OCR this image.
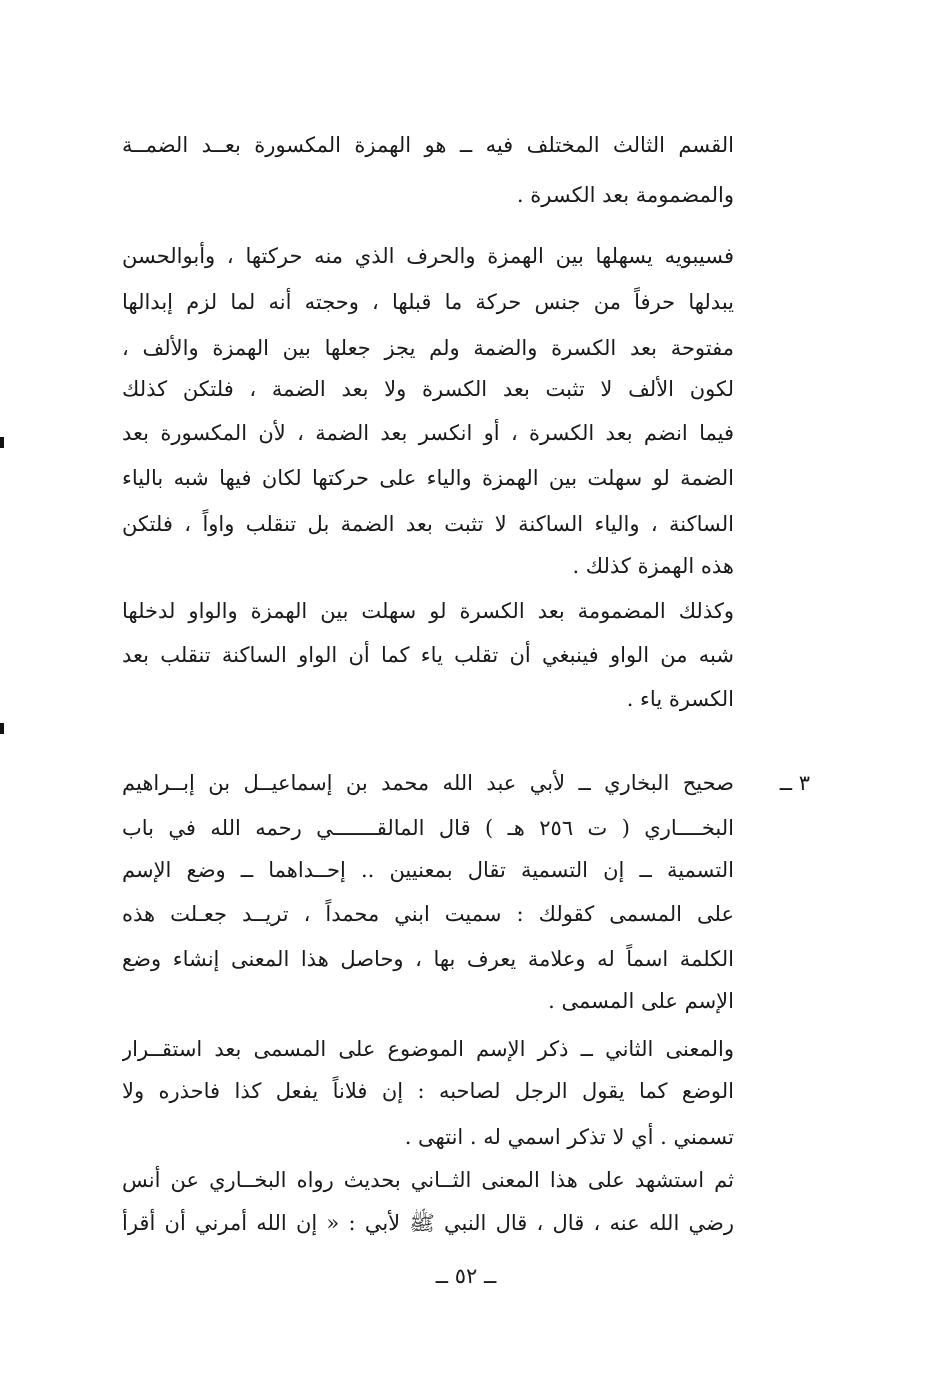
القسم الثالث المختلف فيه ــ هو الهمزة المكسورة بعــد الضمــة
والمضمومة بعد الكسرة .
فسيبويه يسهلها بين الهمزة والحرف الذي منه حركتها ، وأبوالحسن
يبدلها حرفاً من جنس حركة ما قبلها ، وحجته أنه لما لزم إبدالها
مفتوحة بعد الكسرة والضمة ولم يجز جعلها بين الهمزة والألف ،
لكون الألف لا تثبت بعد الكسرة ولا بعد الضمة ، فلتكن كذلك
فيما انضم بعد الكسرة ، أو انكسر بعد الضمة ، لأن المكسورة بعد
الضمة لو سهلت بين الهمزة والياء على حركتها لكان فيها شبه بالياء
الساكنة ، والياء الساكنة لا تثبت بعد الضمة بل تنقلب واواً ، فلتكن
هذه الهمزة كذلك .
وكذلك المضمومة بعد الكسرة لو سهلت بين الهمزة والواو لدخلها
شبه من الواو فينبغي أن تقلب ياء كما أن الواو الساكنة تنقلب بعد
الكسرة ياء .
٣ ــ
صحيح البخاري ــ لأبي عبد الله محمد بن إسماعيــل بن إبــراهيم
البخــــاري ( ت ٢٥٦ هـ ) قال المالقـــــــي رحمه الله في باب
التسمية ــ إن التسمية تقال بمعنيين .. إحــداهما ــ وضع الإسم
على المسمى كقولك : سميت ابني محمداً ، تريــد جعـلت هذه
الكلمة اسماً له وعلامة يعرف بها ، وحاصل هذا المعنى إنشاء وضع
الإسم على المسمى .
والمعنى الثاني ــ ذكر الإسم الموضوع على المسمى بعد استقــرار
الوضع كما يقول الرجل لصاحبه : إن فلاناً يفعل كذا فاحذره ولا
تسمني . أي لا تذكر اسمي له . انتهى .
ثم استشهد على هذا المعنى الثــاني بحديث رواه البخــاري عن أنس
رضي الله عنه ، قال ، قال النبي ﷺ لأبي : « إن الله أمرني أن أقرأ
ــ ٥٢ ــ
